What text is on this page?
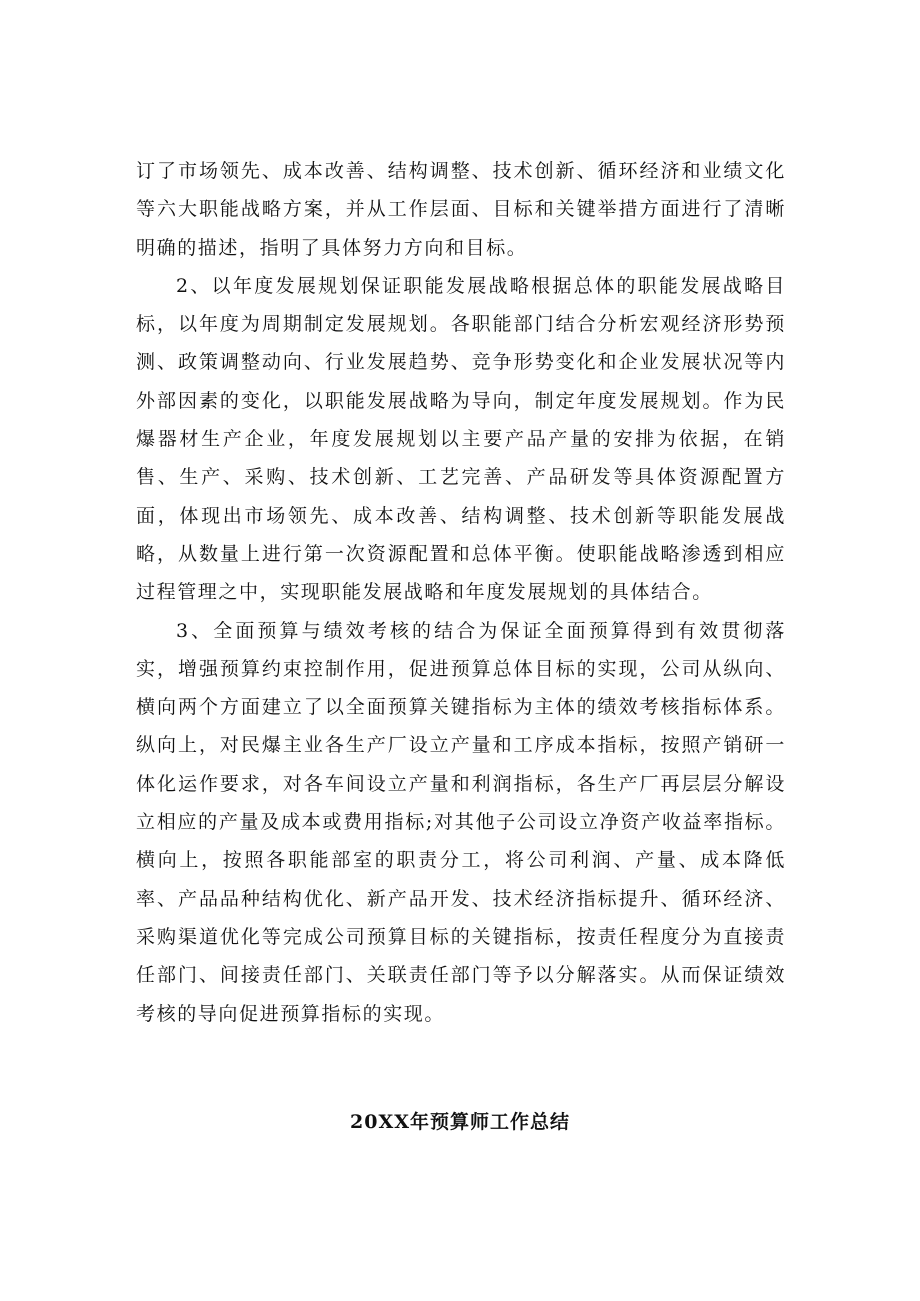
订了市场领先、成本改善、结构调整、技术创新、循环经济和业绩文化等六大职能战略方案，并从工作层面、目标和关键举措方面进行了清晰明确的描述，指明了具体努力方向和目标。

2、以年度发展规划保证职能发展战略根据总体的职能发展战略目标，以年度为周期制定发展规划。各职能部门结合分析宏观经济形势预测、政策调整动向、行业发展趋势、竞争形势变化和企业发展状况等内外部因素的变化，以职能发展战略为导向，制定年度发展规划。作为民爆器材生产企业，年度发展规划以主要产品产量的安排为依据，在销售、生产、采购、技术创新、工艺完善、产品研发等具体资源配置方面，体现出市场领先、成本改善、结构调整、技术创新等职能发展战略，从数量上进行第一次资源配置和总体平衡。使职能战略渗透到相应过程管理之中，实现职能发展战略和年度发展规划的具体结合。

3、全面预算与绩效考核的结合为保证全面预算得到有效贯彻落实，增强预算约束控制作用，促进预算总体目标的实现，公司从纵向、横向两个方面建立了以全面预算关键指标为主体的绩效考核指标体系。纵向上，对民爆主业各生产厂设立产量和工序成本指标，按照产销研一体化运作要求，对各车间设立产量和利润指标，各生产厂再层层分解设立相应的产量及成本或费用指标;对其他子公司设立净资产收益率指标。横向上，按照各职能部室的职责分工，将公司利润、产量、成本降低率、产品品种结构优化、新产品开发、技术经济指标提升、循环经济、采购渠道优化等完成公司预算目标的关键指标，按责任程度分为直接责任部门、间接责任部门、关联责任部门等予以分解落实。从而保证绩效考核的导向促进预算指标的实现。

20XX年预算师工作总结
